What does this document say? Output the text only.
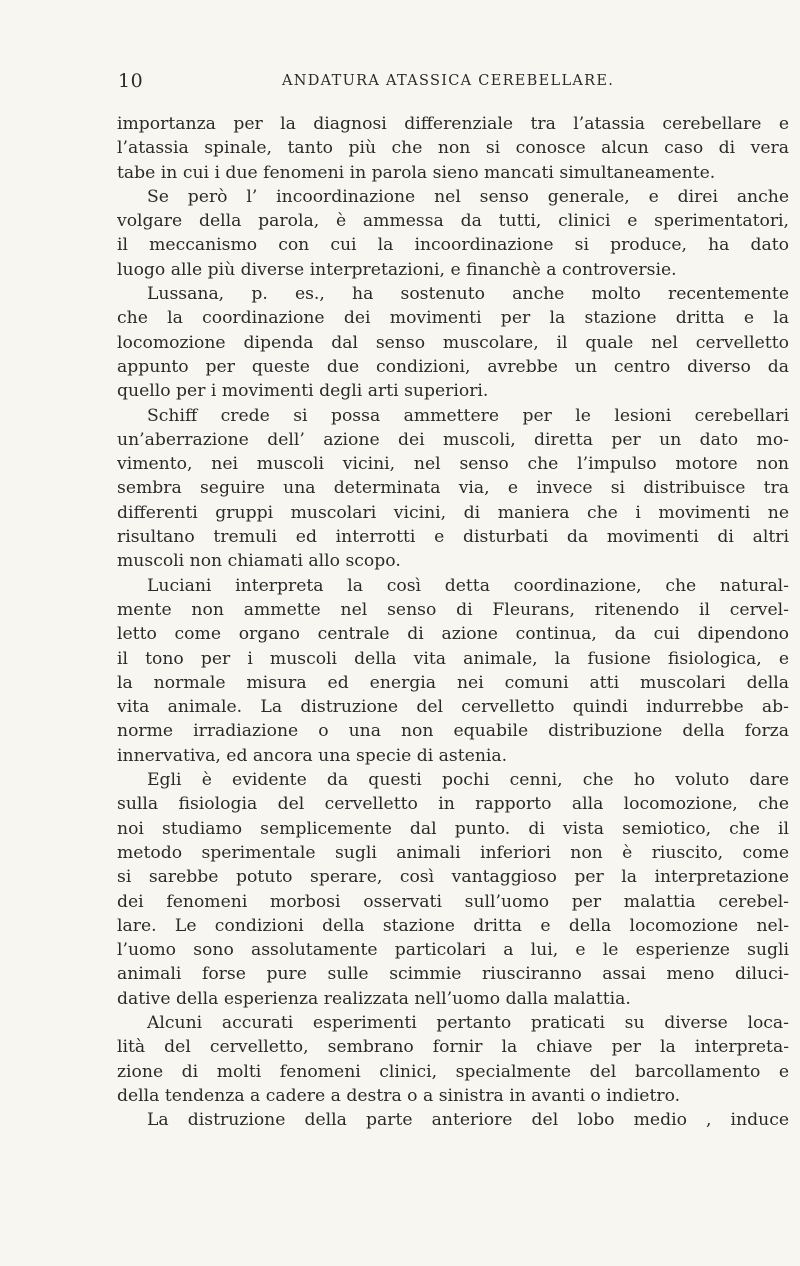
10	ANDATURA ATASSICA CEREBELLARE.
importanza per la diagnosi differenziale tra l’atassia cerebellare e
l’atassia spinale, tanto più che non si conosce alcun caso di vera
tabe in cui i due fenomeni in parola sieno mancati simultaneamente.
Se però l’ incoordinazione nel senso generale, e direi anche
volgare della parola, è ammessa da tutti, clinici e sperimentatori,
il meccanismo con cui la incoordinazione si produce, ha dato
luogo alle più diverse interpretazioni, e financhè a controversie.
Lussana, p. es., ha sostenuto anche molto recentemente
che la coordinazione dei movimenti per la stazione dritta e la
locomozione dipenda dal senso muscolare, il quale nel cervelletto
appunto per queste due condizioni, avrebbe un centro diverso da
quello per i movimenti degli arti superiori.
Schiff crede si possa ammettere per le lesioni cerebellari
un’aberrazione dell’ azione dei muscoli, diretta per un dato mo-
vimento, nei muscoli vicini, nel senso che l’impulso motore non
sembra seguire una determinata via, e invece si distribuisce tra
differenti gruppi muscolari vicini, di maniera che i movimenti ne
risultano tremuli ed interrotti e disturbati da movimenti di altri
muscoli non chiamati allo scopo.
Luciani interpreta la così detta coordinazione, che natural-
mente non ammette nel senso di Fleurans, ritenendo il cervel-
letto come organo centrale di azione continua, da cui dipendono
il tono per i muscoli della vita animale, la fusione fisiologica, e
la normale misura ed energia nei comuni atti muscolari della
vita animale. La distruzione del cervelletto quindi indurrebbe ab-
norme irradiazione o una non equabile distribuzione della forza
innervativa, ed ancora una specie di astenia.
Egli è evidente da questi pochi cenni, che ho voluto dare
sulla fisiologia del cervelletto in rapporto alla locomozione, che
noi studiamo semplicemente dal punto. di vista semiotico, che il
metodo sperimentale sugli animali inferiori non è riuscito, come
si sarebbe potuto sperare, così vantaggioso per la interpretazione
dei fenomeni morbosi osservati sull’uomo per malattia cerebel-
lare. Le condizioni della stazione dritta e della locomozione nel-
l’uomo sono assolutamente particolari a lui, e le esperienze sugli
animali forse pure sulle scimmie riusciranno assai meno diluci-
dative della esperienza realizzata nell’uomo dalla malattia.
Alcuni accurati esperimenti pertanto praticati su diverse loca-
lità del cervelletto, sembrano fornir la chiave per la interpreta-
zione di molti fenomeni clinici, specialmente del barcollamento e
della tendenza a cadere a destra o a sinistra in avanti o indietro.
La distruzione della parte anteriore del lobo medio , induce
